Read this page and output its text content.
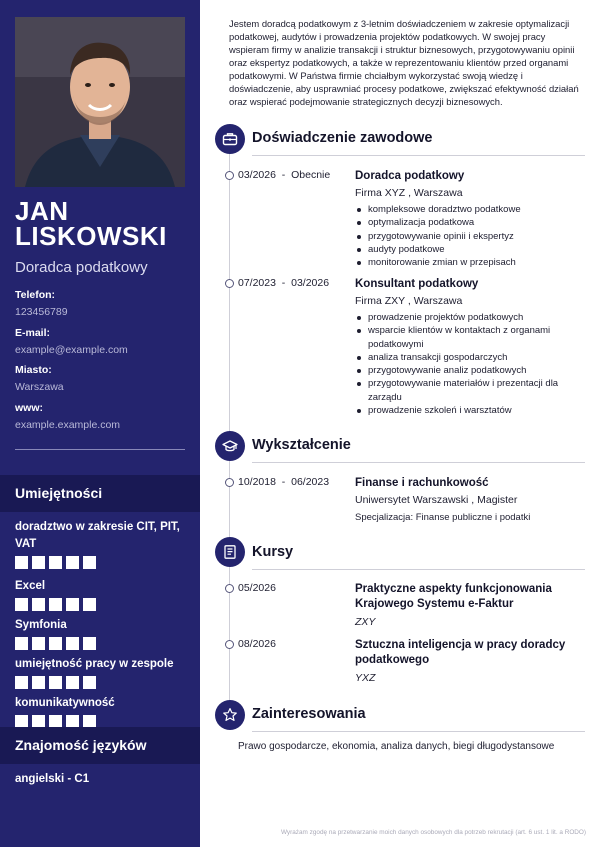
JAN
LISKOWSKI
Doradca podatkowy
Telefon:
123456789
E-mail:
example@example.com
Miasto:
Warszawa
www:
example.example.com
Umiejętności
doradztwo w zakresie CIT, PIT, VAT
Excel
Symfonia
umiejętność pracy w zespole
komunikatywność
Znajomość języków
angielski - C1

Jestem doradcą podatkowym z 3-letnim doświadczeniem w zakresie optymalizacji podatkowej, audytów i prowadzenia projektów podatkowych. W swojej pracy wspieram firmy w analizie transakcji i struktur biznesowych, przygotowywaniu opinii oraz ekspertyz podatkowych, a także w reprezentowaniu klientów przed organami podatkowymi. W Państwa firmie chciałbym wykorzystać swoją wiedzę i doświadczenie, aby usprawniać procesy podatkowe, zwiększać efektywność działań oraz wspierać podejmowanie strategicznych decyzji biznesowych.

Doświadczenie zawodowe
03/2026  -  Obecnie Doradca podatkowy
Firma XYZ , Warszawa
kompleksowe doradztwo podatkowe
optymalizacja podatkowa
przygotowywanie opinii i ekspertyz
audyty podatkowe
monitorowanie zmian w przepisach
07/2023  -  03/2026 Konsultant podatkowy
Firma ZXY , Warszawa
prowadzenie projektów podatkowych
wsparcie klientów w kontaktach z organami podatkowymi
analiza transakcji gospodarczych
przygotowywanie analiz podatkowych
przygotowywanie materiałów i prezentacji dla zarządu
prowadzenie szkoleń i warsztatów
Wykształcenie
10/2018  -  06/2023 Finanse i rachunkowość
Uniwersytet Warszawski , Magister
Specjalizacja: Finanse publiczne i podatki
Kursy
05/2026	Praktyczne aspekty funkcjonowania Krajowego Systemu e-Faktur
ZXY
08/2026	Sztuczna inteligencja w pracy doradcy podatkowego
YXZ
Zainteresowania
Prawo gospodarcze, ekonomia, analiza danych, biegi długodystansowe
Wyrażam zgodę na przetwarzanie moich danych osobowych dla potrzeb rekrutacji (art. 6 ust. 1 lit. a RODO)
